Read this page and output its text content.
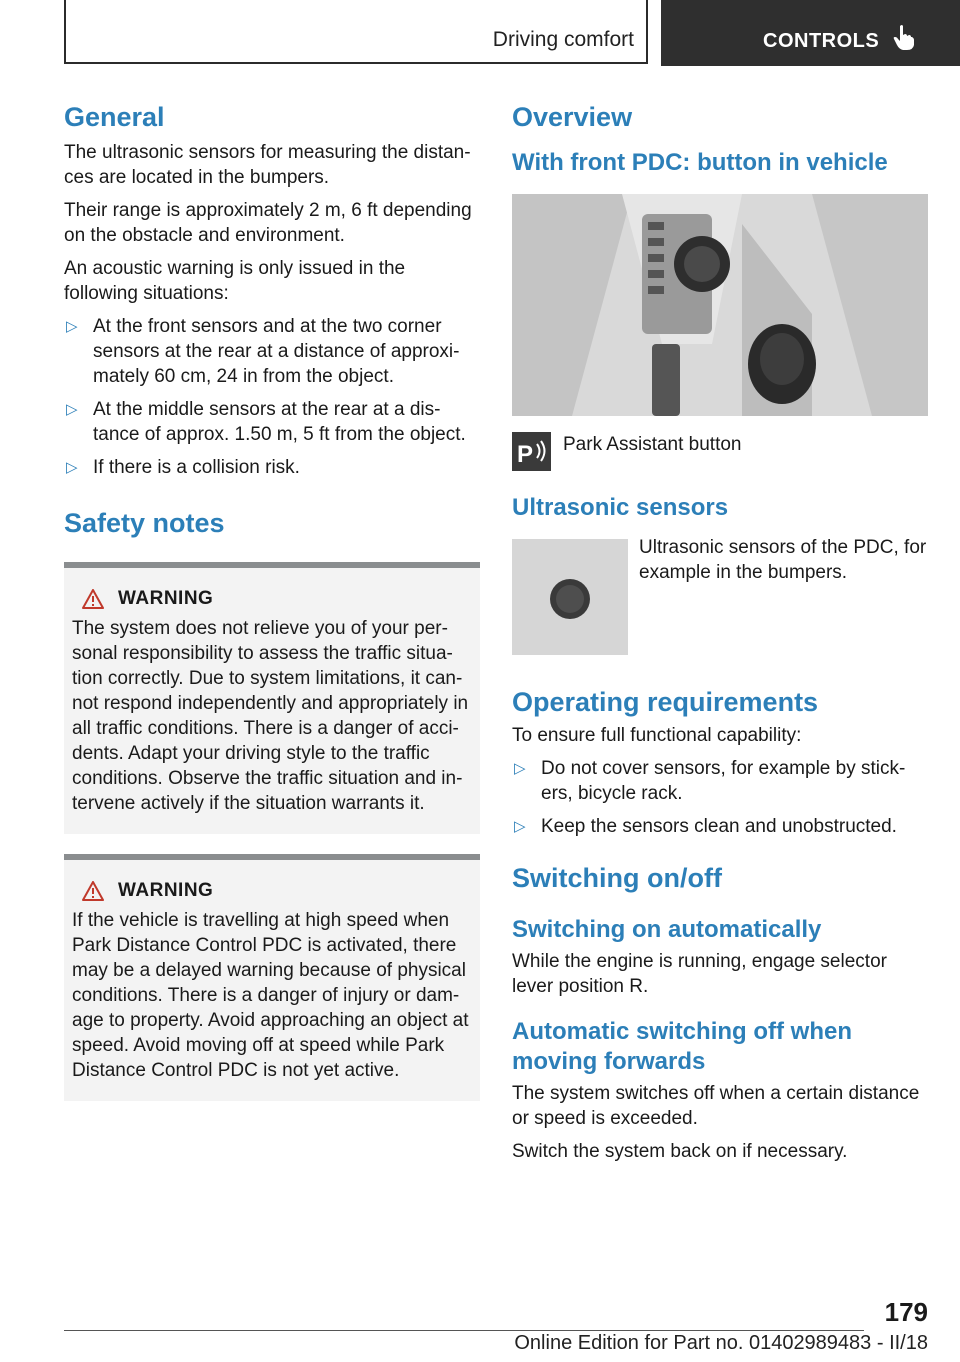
Driving comfort	CONTROLS
General

The ultrasonic sensors for measuring the distan‐ces are located in the bumpers.

Their range is approximately 2 m, 6 ft depending on the obstacle and environment.

An acoustic warning is only issued in the following situations:

▷ At the front sensors and at the two corner sensors at the rear at a distance of approxi‐mately 60 cm, 24 in from the object.
▷ At the middle sensors at the rear at a dis‐tance of approx. 1.50 m, 5 ft from the object.
▷ If there is a collision risk.
Safety notes
WARNING

The system does not relieve you of your per‐sonal responsibility to assess the traffic situa‐tion correctly. Due to system limitations, it can‐not respond independently and appropriately in all traffic conditions. There is a danger of acci‐dents. Adapt your driving style to the traffic conditions. Observe the traffic situation and in‐tervene actively if the situation warrants it.

WARNING

If the vehicle is travelling at high speed when Park Distance Control PDC is activated, there may be a delayed warning because of physical conditions. There is a danger of injury or dam‐age to property. Avoid approaching an object at speed. Avoid moving off at speed while Park Distance Control PDC is not yet active.

Overview
With front PDC: button in vehicle
P Park Assistant button

Ultrasonic sensors

Ultrasonic sensors of the PDC, for example in the bumpers.

Operating requirements

To ensure full functional capability:

▷ Do not cover sensors, for example by stick‐ers, bicycle rack.
▷ Keep the sensors clean and unobstructed.
Switching on/off
Switching on automatically

While the engine is running, engage selector lever position R.

Automatic switching off when moving forwards

The system switches off when a certain distance or speed is exceeded.

Switch the system back on if necessary.

179
Online Edition for Part no. 01402989483 - II/18
